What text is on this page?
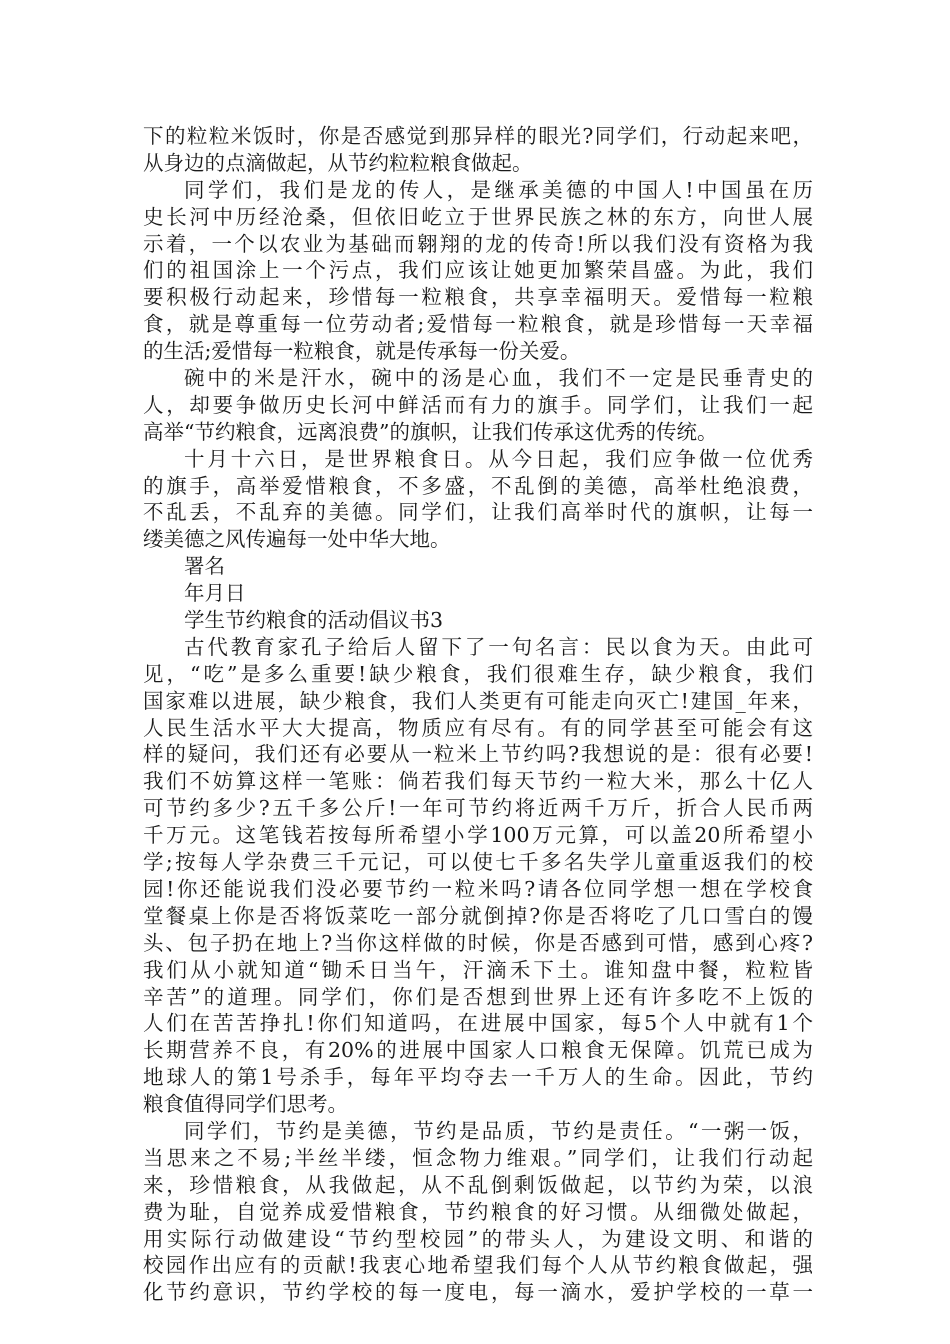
下的粒粒米饭时，你是否感觉到那异样的眼光?同学们，行动起来吧，
从身边的点滴做起，从节约粒粒粮食做起。
同学们，我们是龙的传人，是继承美德的中国人!中国虽在历
史长河中历经沧桑，但依旧屹立于世界民族之林的东方，向世人展
示着，一个以农业为基础而翱翔的龙的传奇!所以我们没有资格为我
们的祖国涂上一个污点，我们应该让她更加繁荣昌盛。为此，我们
要积极行动起来，珍惜每一粒粮食，共享幸福明天。爱惜每一粒粮
食，就是尊重每一位劳动者;爱惜每一粒粮食，就是珍惜每一天幸福
的生活;爱惜每一粒粮食，就是传承每一份关爱。
碗中的米是汗水，碗中的汤是心血，我们不一定是民垂青史的
人，却要争做历史长河中鲜活而有力的旗手。同学们，让我们一起
高举“节约粮食，远离浪费”的旗帜，让我们传承这优秀的传统。
十月十六日，是世界粮食日。从今日起，我们应争做一位优秀
的旗手，高举爱惜粮食，不多盛，不乱倒的美德，高举杜绝浪费，
不乱丢，不乱弃的美德。同学们，让我们高举时代的旗帜，让每一
缕美德之风传遍每一处中华大地。
署名
年月日
学生节约粮食的活动倡议书3
古代教育家孔子给后人留下了一句名言：民以食为天。由此可
见，“吃”是多么重要!缺少粮食，我们很难生存，缺少粮食，我们
国家难以进展，缺少粮食，我们人类更有可能走向灭亡!建国_年来，
人民生活水平大大提高，物质应有尽有。有的同学甚至可能会有这
样的疑问，我们还有必要从一粒米上节约吗?我想说的是：很有必要!
我们不妨算这样一笔账：倘若我们每天节约一粒大米，那么十亿人
可节约多少?五千多公斤!一年可节约将近两千万斤，折合人民币两
千万元。这笔钱若按每所希望小学100万元算，可以盖20所希望小
学;按每人学杂费三千元记，可以使七千多名失学儿童重返我们的校
园!你还能说我们没必要节约一粒米吗?请各位同学想一想在学校食
堂餐桌上你是否将饭菜吃一部分就倒掉?你是否将吃了几口雪白的馒
头、包子扔在地上?当你这样做的时候，你是否感到可惜，感到心疼?
我们从小就知道“锄禾日当午，汗滴禾下土。谁知盘中餐，粒粒皆
辛苦”的道理。同学们，你们是否想到世界上还有许多吃不上饭的
人们在苦苦挣扎!你们知道吗，在进展中国家，每5个人中就有1个
长期营养不良，有20%的进展中国家人口粮食无保障。饥荒已成为
地球人的第1号杀手，每年平均夺去一千万人的生命。因此，节约
粮食值得同学们思考。
同学们，节约是美德，节约是品质，节约是责任。“一粥一饭，
当思来之不易;半丝半缕，恒念物力维艰。”同学们，让我们行动起
来，珍惜粮食，从我做起，从不乱倒剩饭做起，以节约为荣，以浪
费为耻，自觉养成爱惜粮食，节约粮食的好习惯。从细微处做起，
用实际行动做建设“节约型校园”的带头人，为建设文明、和谐的
校园作出应有的贡献!我衷心地希望我们每个人从节约粮食做起，强
化节约意识，节约学校的每一度电，每一滴水，爱护学校的一草一
